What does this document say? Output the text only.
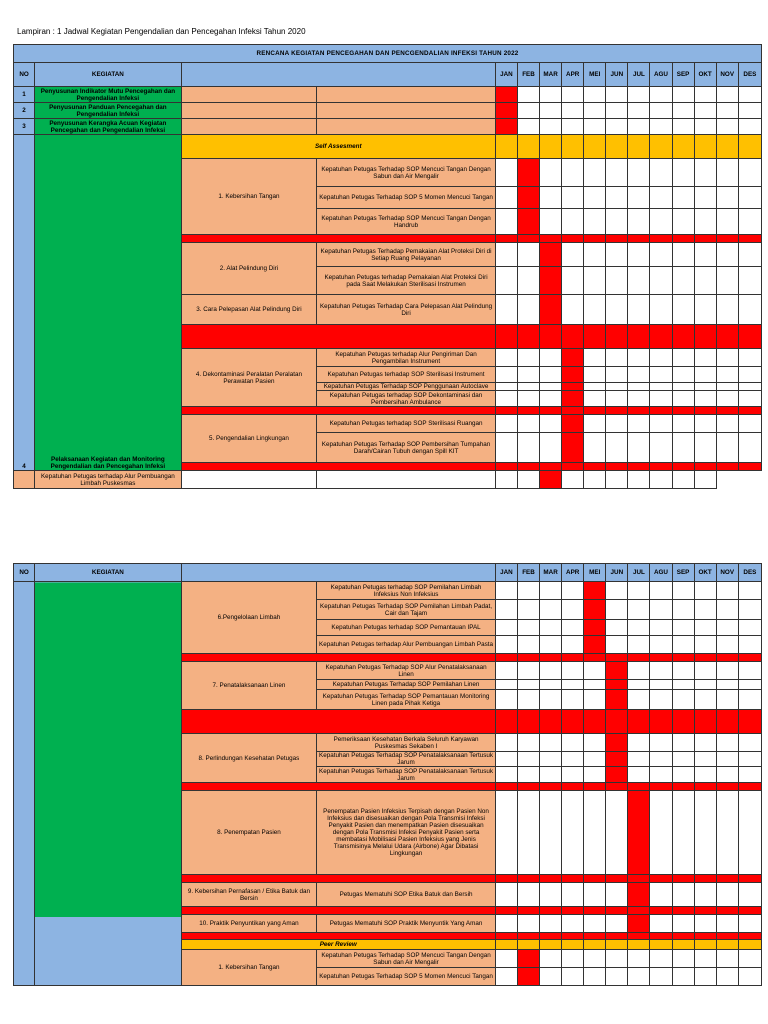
Lampiran : 1 Jadwal Kegiatan Pengendalian dan Pencegahan Infeksi Tahun 2020
RENCANA KEGIATAN PENCEGAHAN DAN PENCGENDALIAN INFEKSI TAHUN 2022															
NO	KEGIATAN			JAN	FEB	MAR	APR	MEI	JUN	JUL	AGU	SEP	OKT	NOV	DES
1	Penyusunan Indikator Mutu Pencegahan dan Pengendalian Infeksi														
2	Penyusunan Panduan Pencegahan dan Pengendalian Infeksi														
3	Penyusunan Kerangka Acuan Kegiatan Pencegahan dan Pengendalian Infeksi														
4	Pelaksanaan Kegiatan dan Monitoring Pengendalian dan Pencegahan Infeksi	Self Assesment													
		1. Kebersihan Tangan	Kepatuhan Petugas Terhadap SOP Mencuci Tangan Dengan Sabun dan Air Mengalir												
			Kepatuhan Petugas Terhadap SOP 5 Momen Mencuci Tangan												
			Kepatuhan Petugas Terhadap SOP Mencuci Tangan Dengan Handrub												

		2. Alat Pelindung Diri	Kepatuhan Petugas Terhadap Pemakaian Alat Proteksi Diri di Setiap Ruang Pelayanan												
			Kepatuhan Petugas terhadap Pemakaian Alat Proteksi Diri pada Saat Melakukan Sterilisasi Instrumen												
		3. Cara Pelepasan Alat Pelindung Diri	Kepatuhan Petugas Terhadap Cara Pelepasan Alat Pelindung Diri												

		4. Dekontaminasi Peralatan Peralatan Perawatan Pasien	Kepatuhan Petugas terhadap Alur Pengiriman Dan Pengambilan Instrument												
			Kepatuhan Petugas terhadap SOP Sterilisasi Instrument												
			Kepatuhan Petugas Terhadap SOP Penggunaan Autoclave												
			Kepatuhan Petugas terhadap SOP Dekontaminasi dan Pembersihan Ambulance												

		5. Pengendalian Lingkungan	Kepatuhan Petugas terhadap SOP Sterilisasi Ruangan												
			Kepatuhan Petugas Terhadap SOP Pembersihan Tumpahan Darah/Cairan Tubuh dengan Spill KIT												

	Kepatuhan Petugas terhadap Alur Pembuangan Limbah Puskesmas														
NO	KEGIATAN			JAN	FEB	MAR	APR	MEI	JUN	JUL	AGU	SEP	OKT	NOV	DES
		6.Pengelolaan Limbah	Kepatuhan Petugas terhadap SOP Pemilahan Limbah Infeksius Non Infeksius												
			Kepatuhan Petugas Terhadap SOP Pemilahan Limbah Padat, Cair dan Tajam												
			Kepatuhan Petugas terhadap SOP Pemantauan IPAL												
			Kepatuhan Petugas terhadap Alur Pembuangan Limbah Pasta												

		7. Penatalaksanaan Linen	Kepatuhan Petugas Terhadap SOP Alur Penatalaksanaan Linen												
			Kepatuhan Petugas Terhadap SOP Pemilahan Linen												
			Kepatuhan Petugas Terhadap SOP Pemantauan Monitoring Linen pada Pihak Ketiga												

		8. Perlindungan Kesehatan Petugas	Pemeriksaan Kesehatan Berkala Seluruh Karyawan Puskesmas Sekaben I												
			Kepatuhan Petugas Terhadap SOP Penatalaksanaan Tertusuk Jarum												
			Kepatuhan Petugas Terhadap SOP Penatalaksanaan Tertusuk Jarum												

		8. Penempatan Pasien	Penempatan Pasien Infeksius Terpisah dengan Pasien Non Infeksius dan disesuaikan dengan Pola Transmisi Infeksi Penyakit Pasien dan menempatkan Pasien disesuaikan dengan Pola Transmisi Infeksi Penyakit Pasien serta membatasi Mobilisasi Pasien Infeksius yang Jenis Transmisinya Melalui Udara (Airbone) Agar Dibatasi Lingkungan												

		9. Kebersihan Pernafasan / Etika Batuk dan Bersin	Petugas Mematuhi SOP Etika Batuk dan Bersih												

		10. Praktik Penyuntikan yang Aman	Petugas Mematuhi SOP Praktik Menyuntik Yang Aman												

		Peer Review													
		1. Kebersihan Tangan	Kepatuhan Petugas Terhadap SOP Mencuci Tangan Dengan Sabun dan Air Mengalir												
			Kepatuhan Petugas Terhadap SOP 5 Momen Mencuci Tangan												
